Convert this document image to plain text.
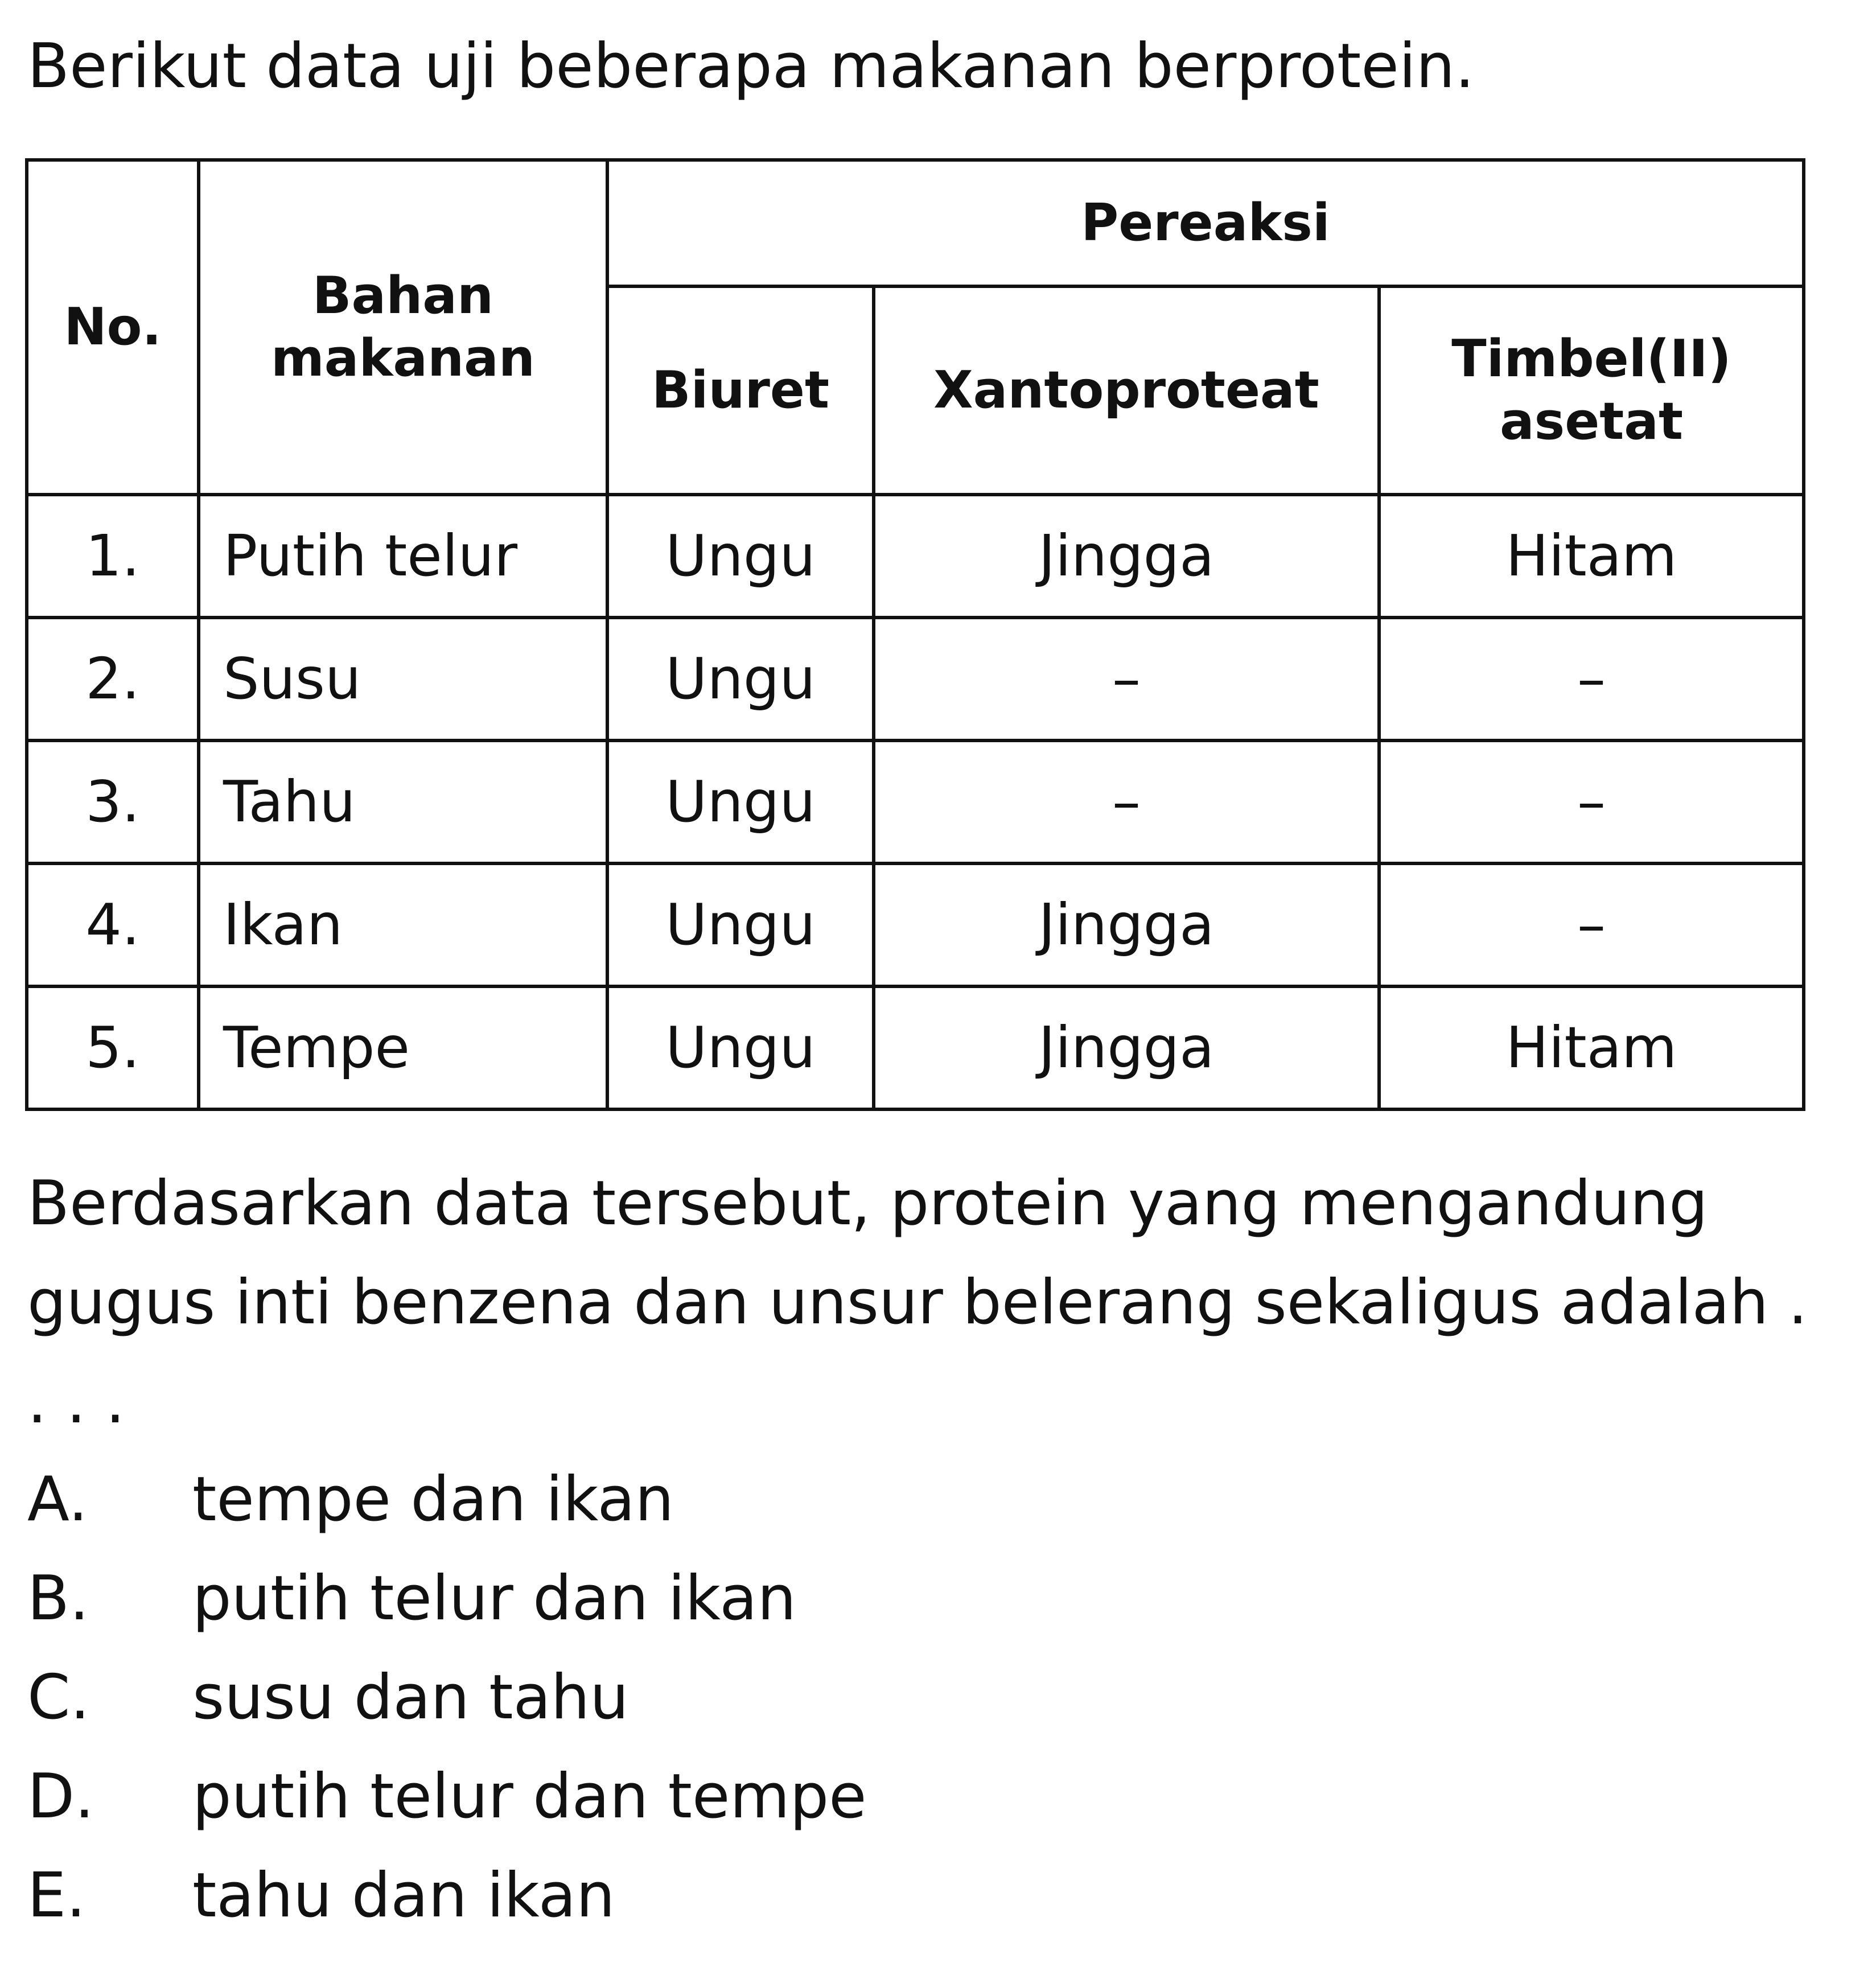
Berikut data uji beberapa makanan berprotein.
No.	Bahan makanan	Pereaksi		
		Biuret	Xantoproteat	Timbel(II) asetat
1.	Putih telur	Ungu	Jingga	Hitam
2.	Susu	Ungu	–	–
3.	Tahu	Ungu	–	–
4.	Ikan	Ungu	Jingga	–
5.	Tempe	Ungu	Jingga	Hitam

Berdasarkan data tersebut, protein yang mengandung gugus inti benzena dan unsur belerang sekaligus adalah . . . .

A.	tempe dan ikan
B.	putih telur dan ikan
C.	susu dan tahu
D.	putih telur dan tempe
E.	tahu dan ikan
